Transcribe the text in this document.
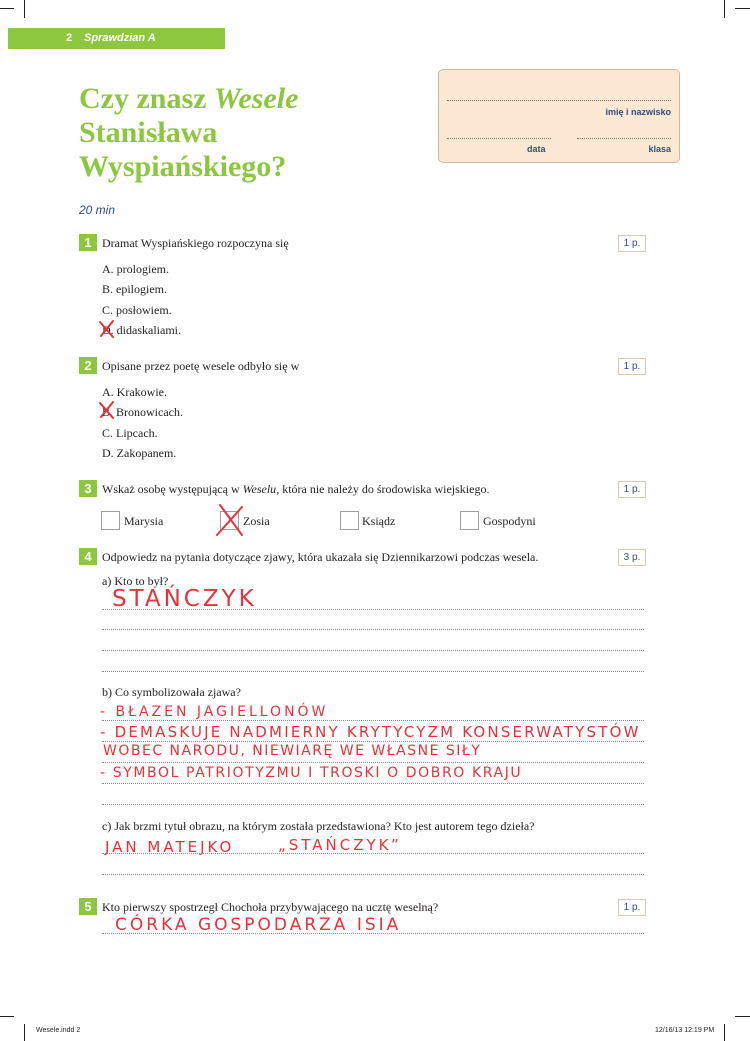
2 Sprawdzian A
Czy znasz Wesele
Stanisława
Wyspiańskiego?
imię i nazwisko
data	klasa
20 min
1 Dramat Wyspiańskiego rozpoczyna się	1 p.
A. prologiem.
B. epilogiem.
C. posłowiem.
D. didaskaliami.
2 Opisane przez poetę wesele odbyło się w	1 p.
A. Krakowie.
B. Bronowicach.
C. Lipcach.
D. Zakopanem.
3 Wskaż osobę występującą w Weselu, która nie należy do środowiska wiejskiego.	1 p.
Marysia	Zosia	Ksiądz	Gospodyni
4 Odpowiedz na pytania dotyczące zjawy, która ukazała się Dziennikarzowi podczas wesela.	3 p.
a) Kto to był?
STAŃCZYK
b) Co symbolizowała zjawa?
- BŁAZEN JAGIELLONÓW
- DEMASKUJE NADMIERNY KRYTYCYZM KONSERWATYSTÓW
WOBEC NARODU, NIEWIARĘ WE WŁASNE SIŁY
- SYMBOL PATRIOTYZMU I TROSKI O DOBRO KRAJU
c) Jak brzmi tytuł obrazu, na którym została przedstawiona? Kto jest autorem tego dzieła?
JAN MATEJKO	„STAŃCZYK”
5 Kto pierwszy spostrzegł Chochoła przybywającego na ucztę weselną?	1 p.
CÓRKA GOSPODARZA ISIA
Wesele.indd 2	12/16/13 12:19 PM
